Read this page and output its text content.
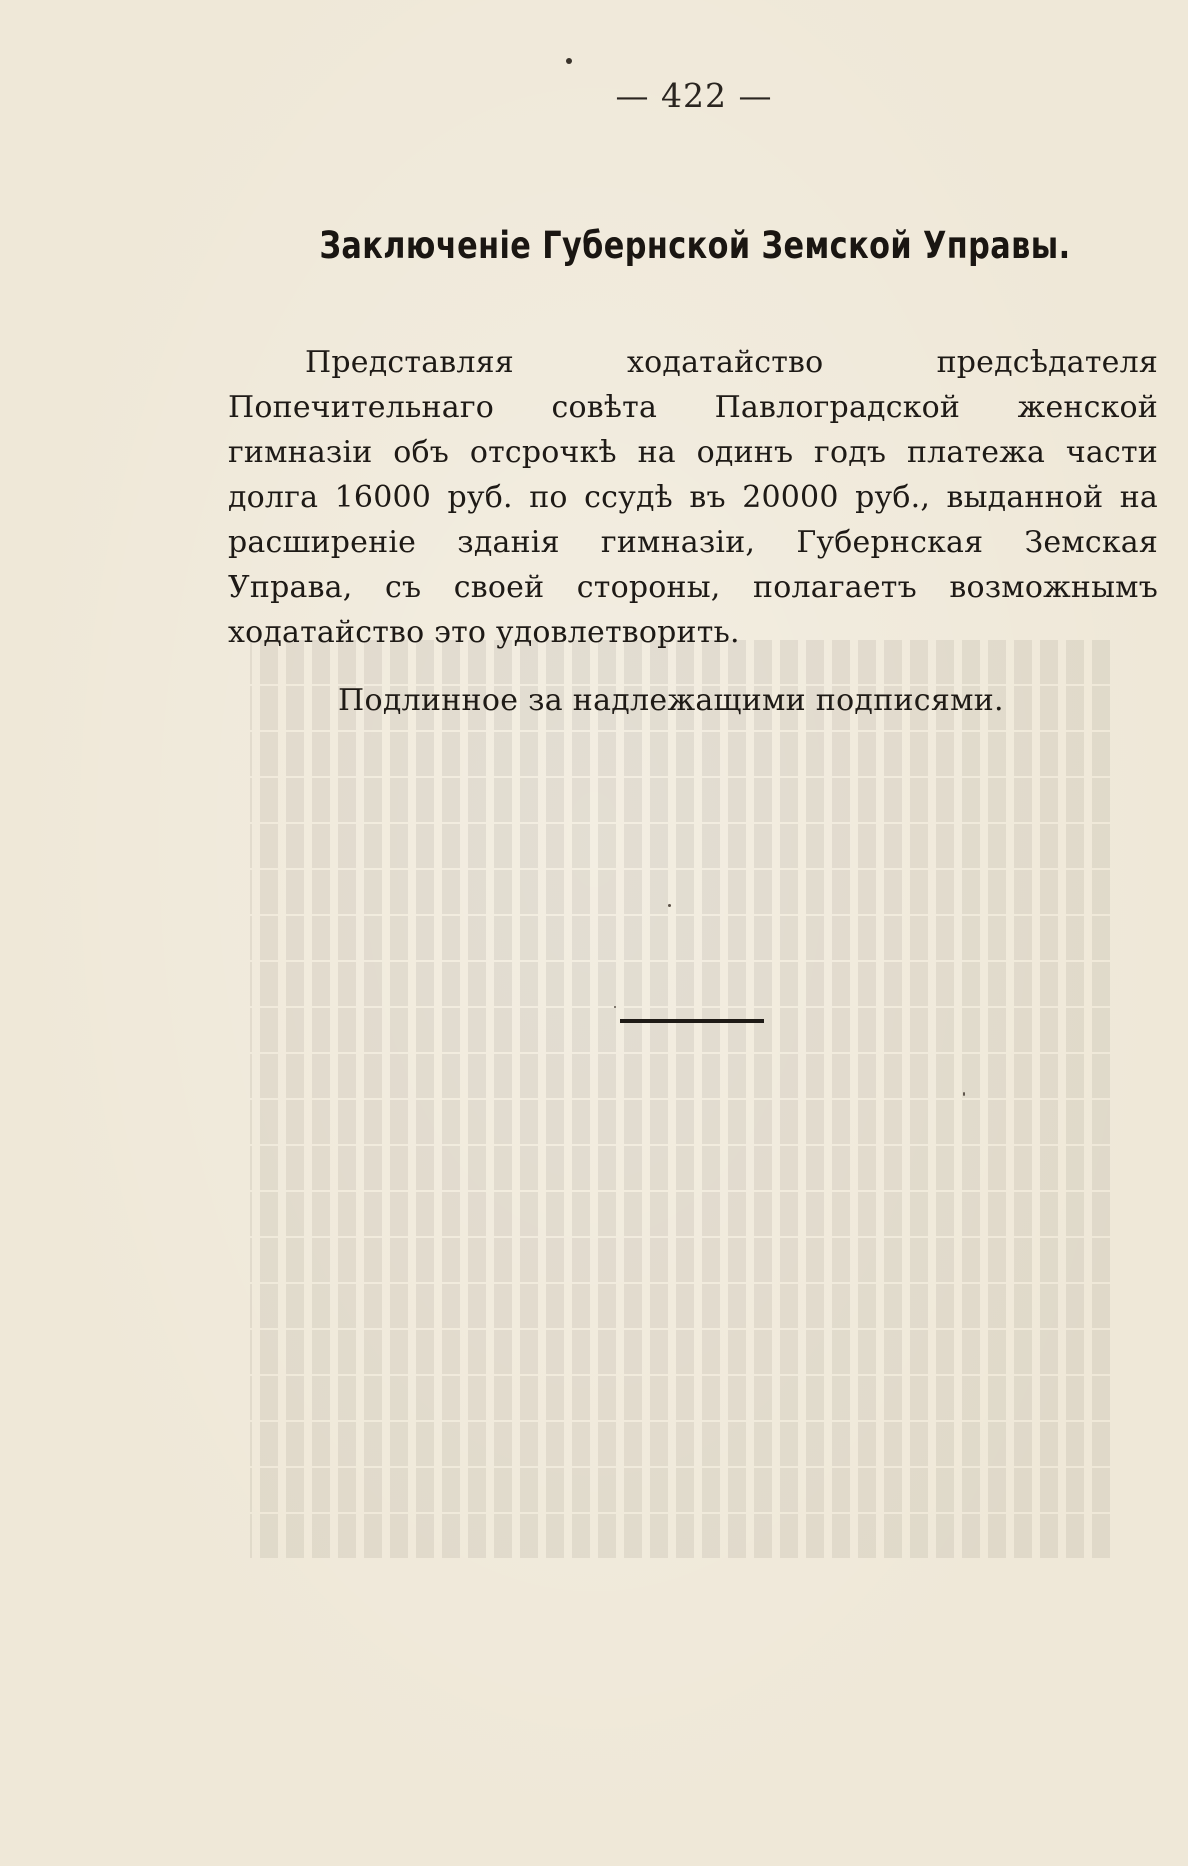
— 422 —
Заключеніе Губернской Земской Управы.

Представляя ходатайство предсѣдателя Попечительнаго совѣта Павлоградской женской гимназіи объ отсрочкѣ на одинъ годъ платежа части долга 16000 руб. по ссудѣ въ 20000 руб., выданной на расширеніе зданія гимназіи, Губернская Земская Управа, съ своей стороны, полагаетъ возможнымъ ходатайство это удовлетворить.

Подлинное за надлежащими подписями.
